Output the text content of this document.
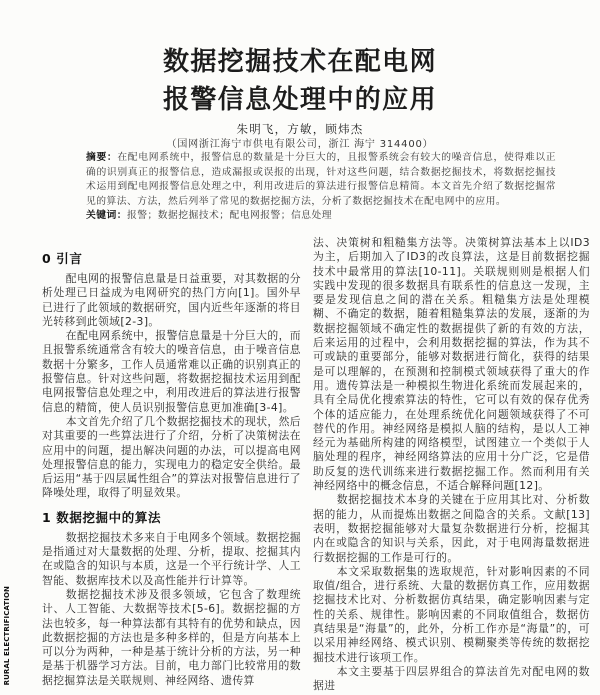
数据挖掘技术在配电网
报警信息处理中的应用
朱明飞，方敏，顾炜杰
（国网浙江海宁市供电有限公司，浙江 海宁 314400）
摘要：在配电网系统中，报警信息的数量是十分巨大的，且报警系统会有较大的噪音信息，使得难以正确的识别真正的报警信息，造成漏报或误报的出现，针对这些问题，结合数据挖掘技术，将数据挖掘技术运用到配电网报警信息处理之中，利用改进后的算法进行报警信息精简。本文首先介绍了数据挖掘常见的算法、方法，然后列举了常见的数据挖掘方法，分析了数据挖掘技术在配电网中的应用。
关键词：报警；数据挖掘技术；配电网报警；信息处理
0 引言

配电网的报警信息量是日益重要，对其数据的分析处理已日益成为电网研究的热门方向[1]。国外早已进行了此领域的数据研究，国内近些年逐渐的将目光转移到此领域[2-3]。

在配电网系统中，报警信息量是十分巨大的，而且报警系统通常含有较大的噪音信息，由于噪音信息数据十分繁多，工作人员通常难以正确的识别真正的报警信息。针对这些问题，将数据挖掘技术运用到配电网报警信息处理之中，利用改进后的算法进行报警信息的精简，使人员识别报警信息更加准确[3-4]。

本文首先介绍了几个数据挖掘技术的现状，然后对其重要的一些算法进行了介绍，分析了决策树法在应用中的问题，提出解决问题的办法，可以提高电网处理报警信息的能力，实现电力的稳定安全供给。最后运用“基于四层属性组合”的算法对报警信息进行了降噪处理，取得了明显效果。

1 数据挖掘中的算法

数据挖掘技术多来自于电网多个领域。数据挖掘是指通过对大量数据的处理、分析，提取、挖掘其内在或隐含的知识与本质，这是一个平行统计学、人工智能、数据库技术以及高性能并行计算等。

数据挖掘技术涉及很多领域，它包含了数理统计、人工智能、大数据等技术[5-6]。数据挖掘的方法也较多，每一种算法都有其特有的优势和缺点，因此数据挖掘的方法也是多种多样的，但是方向基本上可以分为两种，一种是基于统计分析的方法，另一种是基于机器学习方法。目前，电力部门比较常用的数据挖掘算法是关联规则、神经网络、遗传算

法、决策树和粗糙集方法等。决策树算法基本上以ID3为主，后期加入了ID3的改良算法，这是目前数据挖掘技术中最常用的算法[10-11]。关联规则则是根据人们实践中发现的很多数据具有联系性的信息这一发现，主要是发现信息之间的潜在关系。粗糙集方法是处理模糊、不确定的数据，随着粗糙集算法的发展，逐渐的为数据挖掘领域不确定性的数据提供了新的有效的方法，后来运用的过程中，会利用数据挖掘的算法，作为其不可或缺的重要部分，能够对数据进行简化，获得的结果是可以理解的，在预测和控制模式领域获得了重大的作用。遗传算法是一种模拟生物进化系统而发展起来的，具有全局优化搜索算法的特性，它可以有效的保存优秀个体的适应能力，在处理系统优化问题领域获得了不可替代的作用。神经网络是模拟人脑的结构，是以人工神经元为基础所构建的网络模型，试图建立一个类似于人脑处理的程序，神经网络算法的应用十分广泛，它是借助反复的迭代训练来进行数据挖掘工作。然而利用有关神经网络中的概念信息，不适合解释问题[12]。

数据挖掘技术本身的关键在于应用其比对、分析数据的能力，从而提炼出数据之间隐含的关系。文献[13]表明，数据挖掘能够对大量复杂数据进行分析，挖掘其内在或隐含的知识与关系，因此，对于电网海量数据进行数据挖掘的工作是可行的。

本文采取数据集的选取规范，针对影响因素的不同取值/组合，进行系统、大量的数据仿真工作，应用数据挖掘技术比对、分析数据仿真结果，确定影响因素与定性的关系、规律性。影响因素的不同取值组合，数据仿真结果是“海量”的，此外，分析工作亦是“海量”的，可以采用神经网络、模式识别、模糊聚类等传统的数据挖掘技术进行该项工作。

本文主要基于四层界组合的算法首先对配电网的数据进

RURAL ELECTRIFICATION
